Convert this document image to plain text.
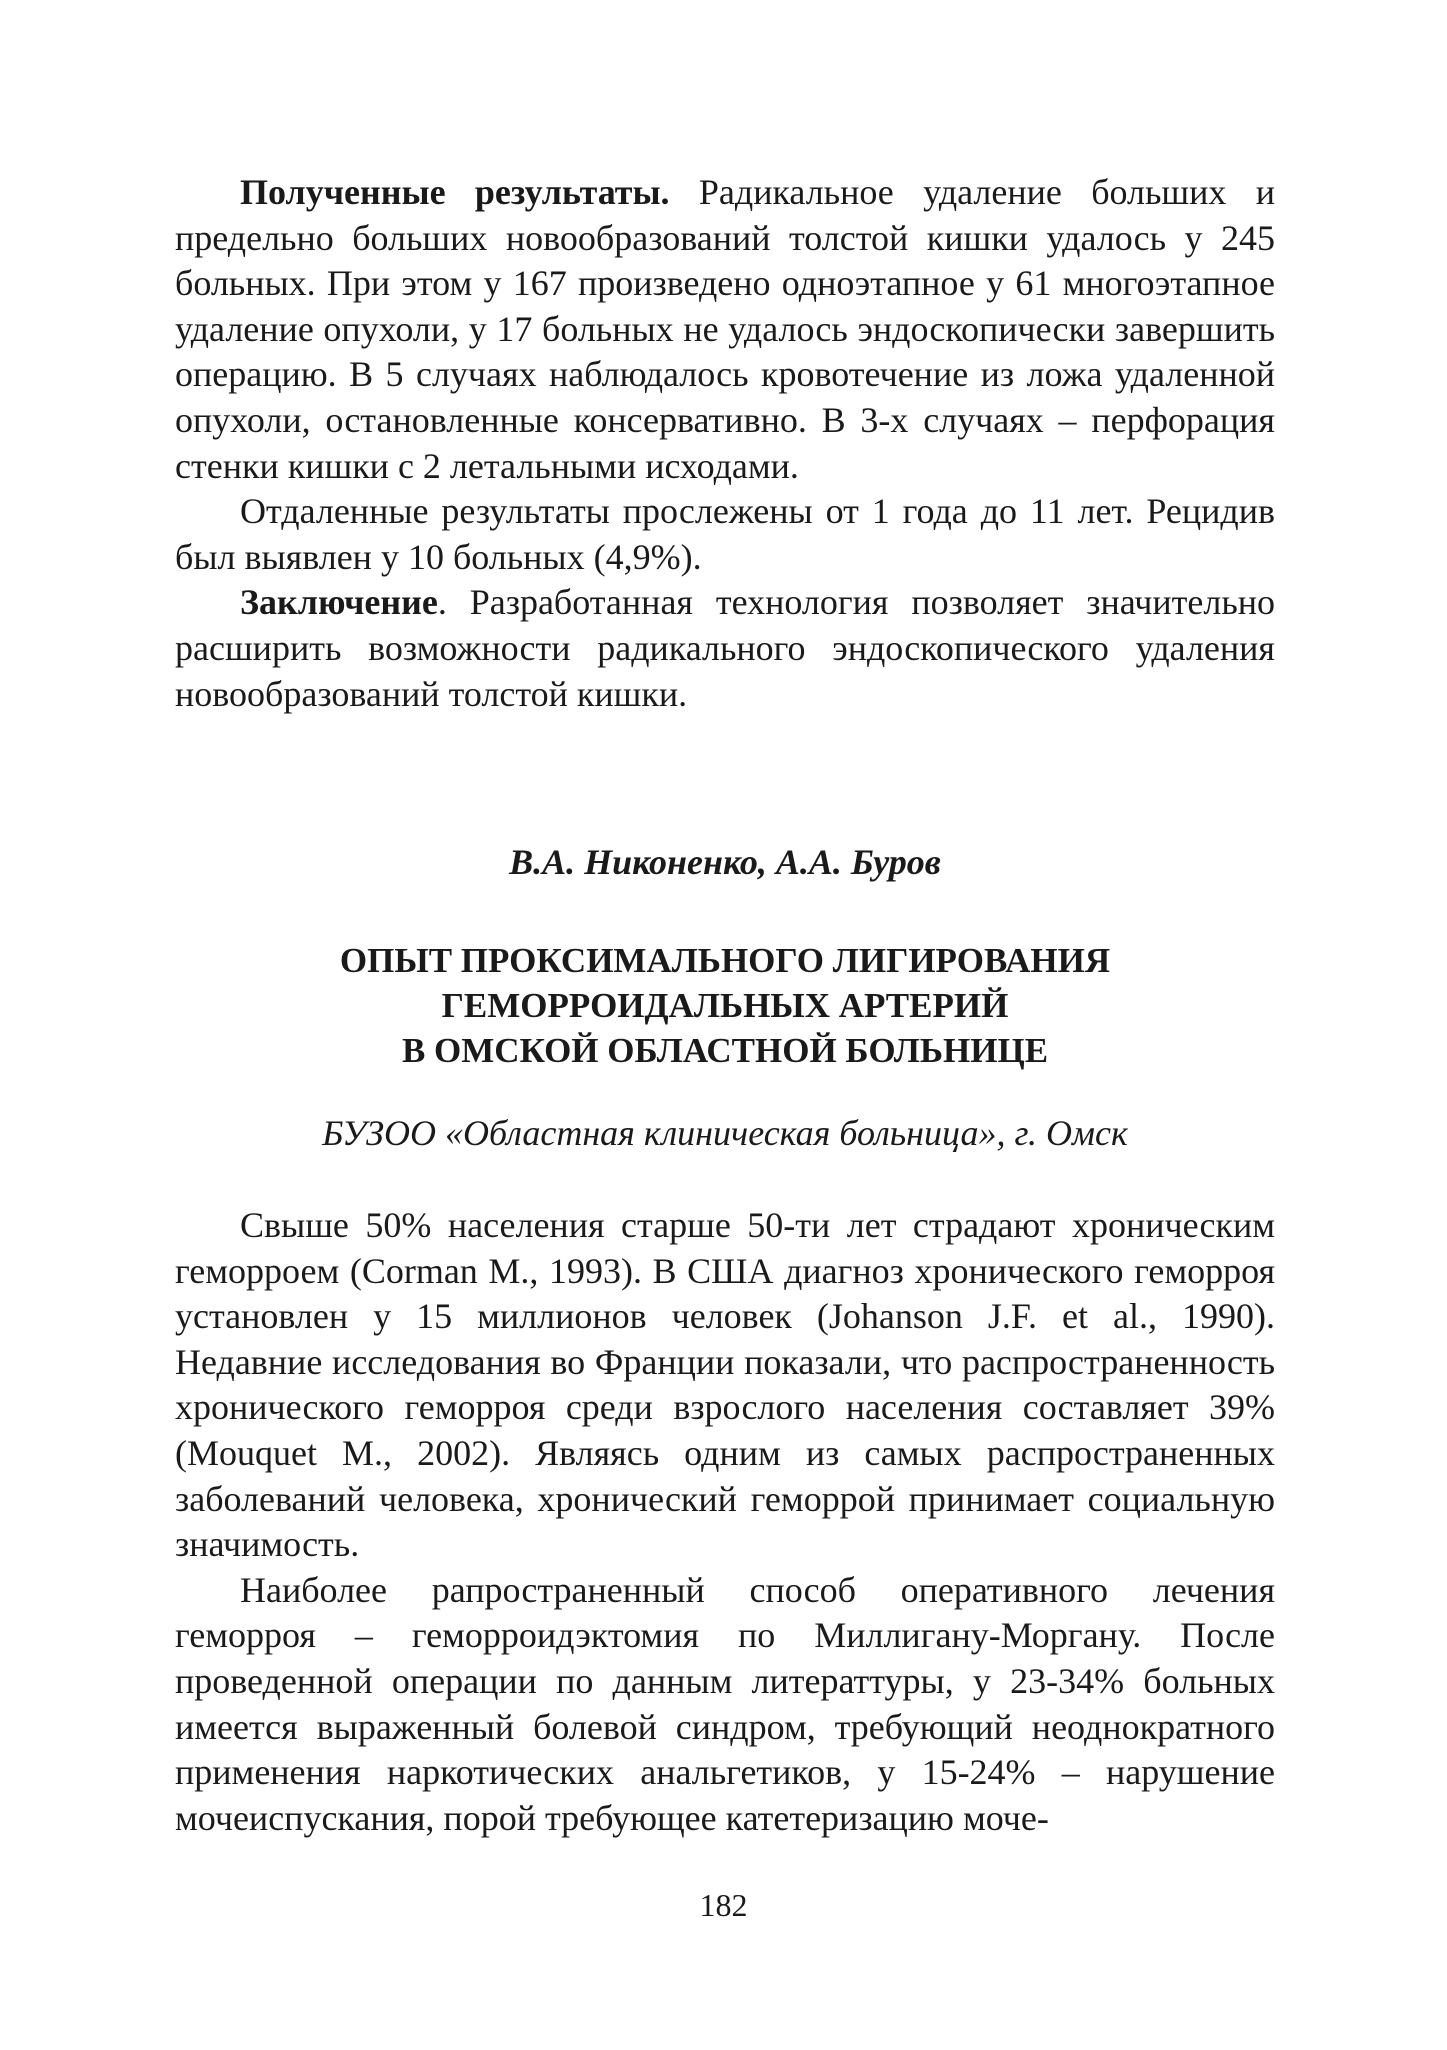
Полученные результаты. Радикальное удаление больших и предельно больших новообразований толстой кишки удалось у 245 больных. При этом у 167 произведено одноэтапное у 61 многоэтапное удаление опухоли, у 17 больных не удалось эндоскопически завершить операцию. В 5 случаях наблюдалось кровотечение из ложа удаленной опухоли, остановленные консервативно. В 3-х случаях – перфорация стенки кишки с 2 летальными исходами.

Отдаленные результаты прослежены от 1 года до 11 лет. Рецидив был выявлен у 10 больных (4,9%).

Заключение. Разработанная технология позволяет значительно расширить возможности радикального эндоскопического удаления новообразований толстой кишки.

В.А. Никоненко, А.А. Буров

ОПЫТ ПРОКСИМАЛЬНОГО ЛИГИРОВАНИЯ
ГЕМОРРОИДАЛЬНЫХ АРТЕРИЙ
В ОМСКОЙ ОБЛАСТНОЙ БОЛЬНИЦЕ

БУЗОО «Областная клиническая больница», г. Омск

Свыше 50% населения старше 50-ти лет страдают хроническим геморроем (Corman M., 1993). В США диагноз хронического геморроя установлен у 15 миллионов человек (Johanson J.F. et al., 1990). Недавние исследования во Франции показали, что распространенность хронического геморроя среди взрослого населения составляет 39% (Mouquet M., 2002). Являясь одним из самых распространенных заболеваний человека, хронический геморрой принимает социальную значимость.

Наиболее рапространенный способ оперативного лечения геморроя – геморроидэктомия по Миллигану-Моргану. После проведенной операции по данным литераттуры, у 23-34% больных имеется выраженный болевой синдром, требующий неоднократного применения наркотических анальгетиков, у 15-24% – нарушение мочеиспускания, порой требующее катетеризацию моче-

182
